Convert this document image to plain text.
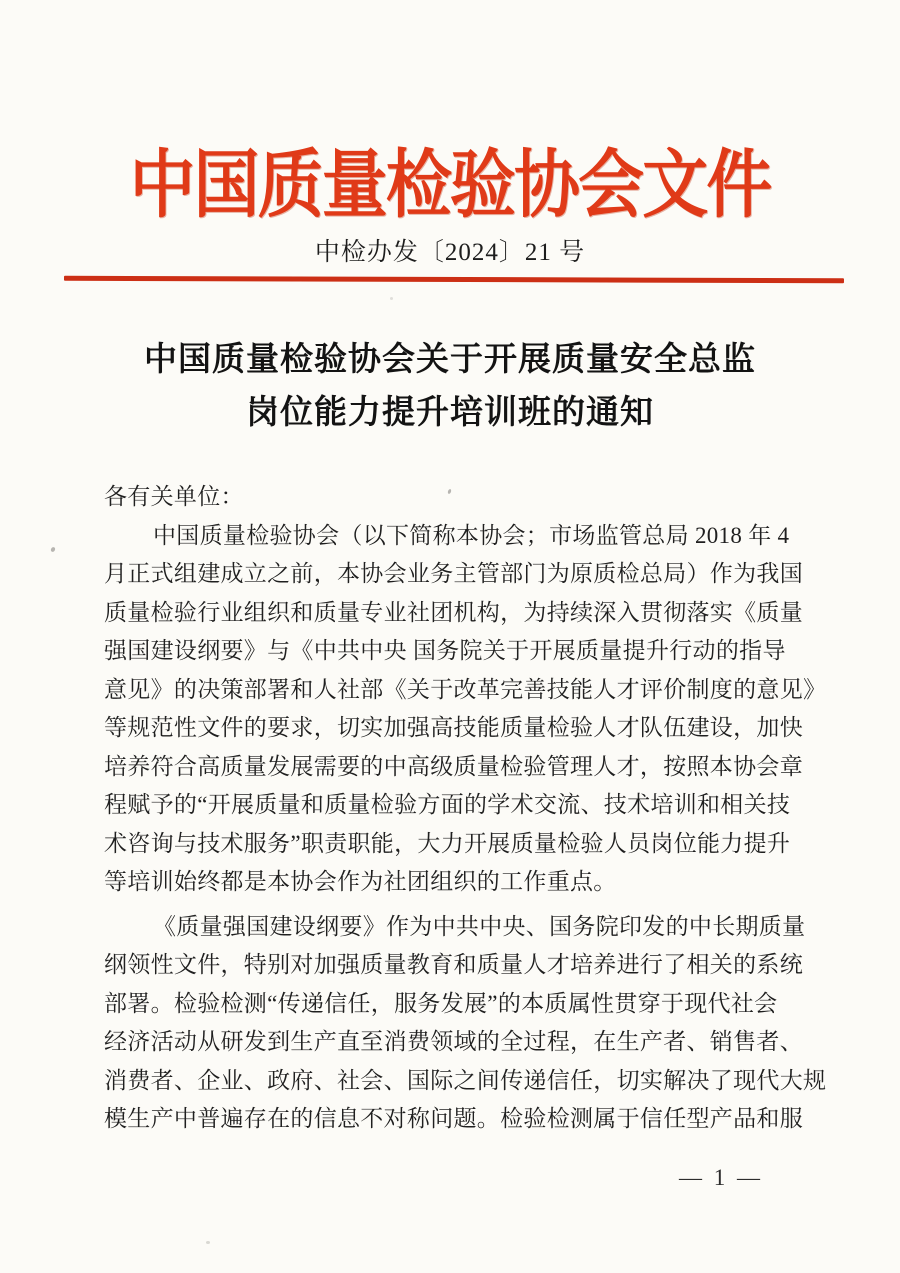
中国质量检验协会文件
中检办发〔2024〕21 号
中国质量检验协会关于开展质量安全总监
岗位能力提升培训班的通知
各有关单位：
中国质量检验协会（以下简称本协会；市场监管总局 2018 年 4
月正式组建成立之前，本协会业务主管部门为原质检总局）作为我国
质量检验行业组织和质量专业社团机构，为持续深入贯彻落实《质量
强国建设纲要》与《中共中央 国务院关于开展质量提升行动的指导
意见》的决策部署和人社部《关于改革完善技能人才评价制度的意见》
等规范性文件的要求，切实加强高技能质量检验人才队伍建设，加快
培养符合高质量发展需要的中高级质量检验管理人才，按照本协会章
程赋予的“开展质量和质量检验方面的学术交流、技术培训和相关技
术咨询与技术服务”职责职能，大力开展质量检验人员岗位能力提升
等培训始终都是本协会作为社团组织的工作重点。
《质量强国建设纲要》作为中共中央、国务院印发的中长期质量
纲领性文件，特别对加强质量教育和质量人才培养进行了相关的系统
部署。检验检测“传递信任，服务发展”的本质属性贯穿于现代社会
经济活动从研发到生产直至消费领域的全过程，在生产者、销售者、
消费者、企业、政府、社会、国际之间传递信任，切实解决了现代大规
模生产中普遍存在的信息不对称问题。检验检测属于信任型产品和服
— 1 —
